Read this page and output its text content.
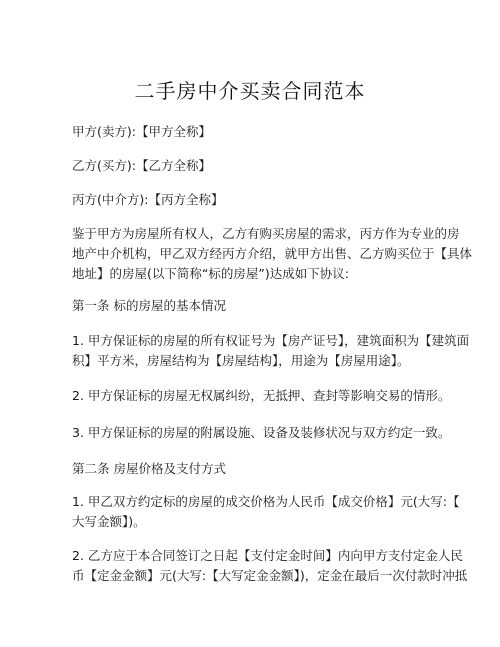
二手房中介买卖合同范本
甲方(卖方):【甲方全称】
乙方(买方):【乙方全称】
丙方(中介方):【丙方全称】
鉴于甲方为房屋所有权人，乙方有购买房屋的需求，丙方作为专业的房
地产中介机构，甲乙双方经丙方介绍，就甲方出售、乙方购买位于【具体
地址】的房屋(以下简称“标的房屋”)达成如下协议:
第一条 标的房屋的基本情况
1. 甲方保证标的房屋的所有权证号为【房产证号】，建筑面积为【建筑面
积】平方米，房屋结构为【房屋结构】，用途为【房屋用途】。
2. 甲方保证标的房屋无权属纠纷，无抵押、查封等影响交易的情形。
3. 甲方保证标的房屋的附属设施、设备及装修状况与双方约定一致。
第二条 房屋价格及支付方式
1. 甲乙双方约定标的房屋的成交价格为人民币【成交价格】元(大写:【
大写金额】)。
2. 乙方应于本合同签订之日起【支付定金时间】内向甲方支付定金人民
币【定金金额】元(大写:【大写定金金额】)，定金在最后一次付款时冲抵
